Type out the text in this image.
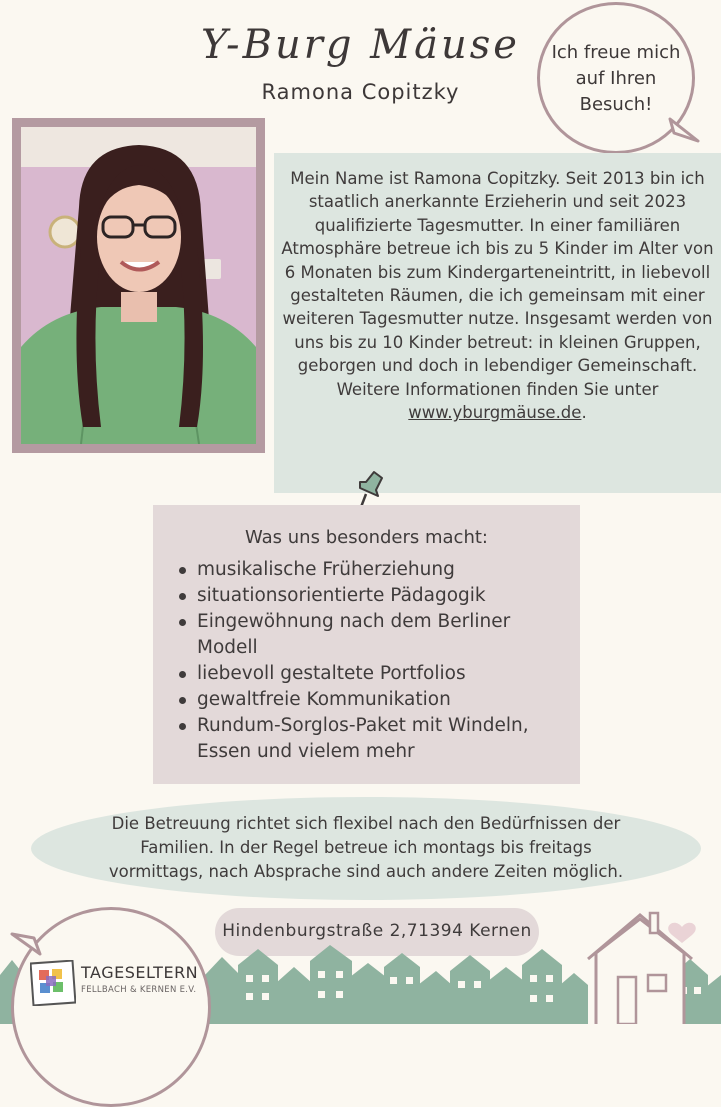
Y-Burg Mäuse
Ramona Copitzky
Ich freue mich
auf Ihren
Besuch!

Mein Name ist Ramona Copitzky. Seit 2013 bin ich staatlich anerkannte Erzieherin und seit 2023 qualifizierte Tagesmutter. In einer familiären Atmosphäre betreue ich bis zu 5 Kinder im Alter von 6 Monaten bis zum Kindergarteneintritt, in liebevoll gestalteten Räumen, die ich gemeinsam mit einer weiteren Tagesmutter nutze. Insgesamt werden von uns bis zu 10 Kinder betreut: in kleinen Gruppen, geborgen und doch in lebendiger Gemeinschaft. Weitere Informationen finden Sie unter www.yburgmäuse.de.

Was uns besonders macht:
musikalische Früherziehung
situationsorientierte Pädagogik
Eingewöhnung nach dem Berliner Modell
liebevoll gestaltete Portfolios
gewaltfreie Kommunikation
Rundum-Sorglos-Paket mit Windeln, Essen und vielem mehr
Die Betreuung richtet sich flexibel nach den Bedürfnissen der
Familien. In der Regel betreue ich montags bis freitags
vormittags, nach Absprache sind auch andere Zeiten möglich.
Hindenburgstraße 2,71394 Kernen
TAGESELTERN
FELLBACH & KERNEN E.V.
